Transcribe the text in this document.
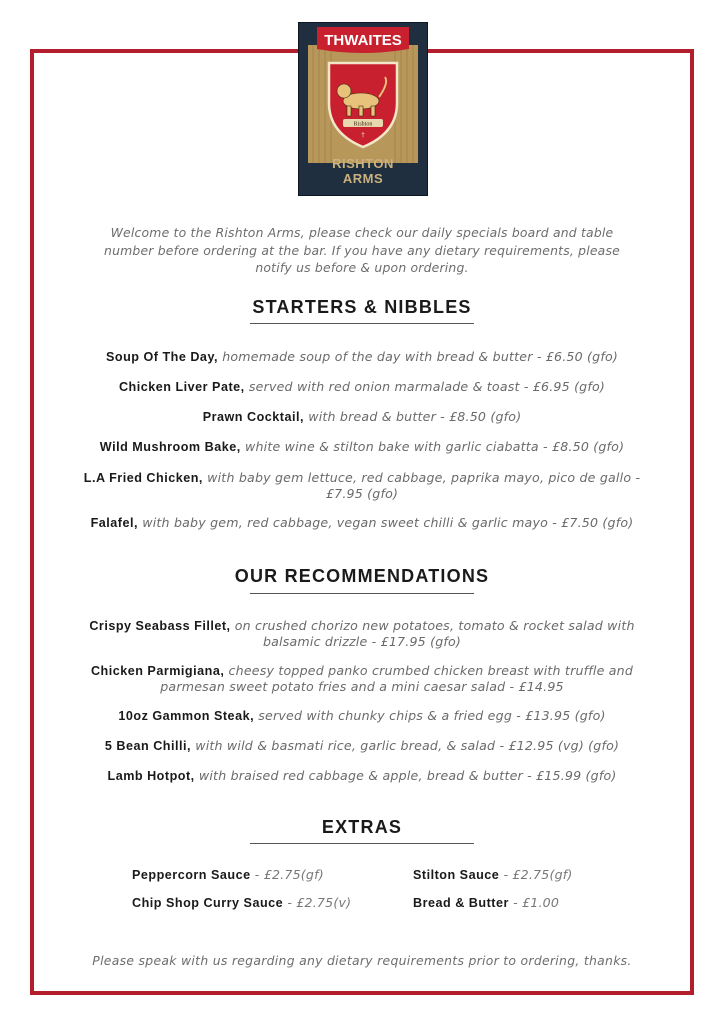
THWAITES
Rishton
†
RISHTON
ARMS
Welcome to the Rishton Arms, please check our daily specials board and table number before ordering at the bar. If you have any dietary requirements, please notify us before & upon ordering.
STARTERS & NIBBLES
Soup Of The Day, homemade soup of the day with bread & butter - £6.50 (gfo)
Chicken Liver Pate, served with red onion marmalade & toast - £6.95 (gfo)
Prawn Cocktail, with bread & butter - £8.50 (gfo)
Wild Mushroom Bake, white wine & stilton bake with garlic ciabatta - £8.50 (gfo)
L.A Fried Chicken, with baby gem lettuce, red cabbage, paprika mayo, pico de gallo - £7.95 (gfo)
Falafel, with baby gem, red cabbage, vegan sweet chilli & garlic mayo - £7.50 (gfo)
OUR RECOMMENDATIONS
Crispy Seabass Fillet, on crushed chorizo new potatoes, tomato & rocket salad with balsamic drizzle - £17.95 (gfo)
Chicken Parmigiana, cheesy topped panko crumbed chicken breast with truffle and parmesan sweet potato fries and a mini caesar salad - £14.95
10oz Gammon Steak, served with chunky chips & a fried egg - £13.95 (gfo)
5 Bean Chilli, with wild & basmati rice, garlic bread, & salad - £12.95 (vg) (gfo)
Lamb Hotpot, with braised red cabbage & apple, bread & butter - £15.99 (gfo)
EXTRAS
Peppercorn Sauce - £2.75(gf)	Stilton Sauce - £2.75(gf)
Chip Shop Curry Sauce - £2.75(v)	Bread & Butter - £1.00
Please speak with us regarding any dietary requirements prior to ordering, thanks.
